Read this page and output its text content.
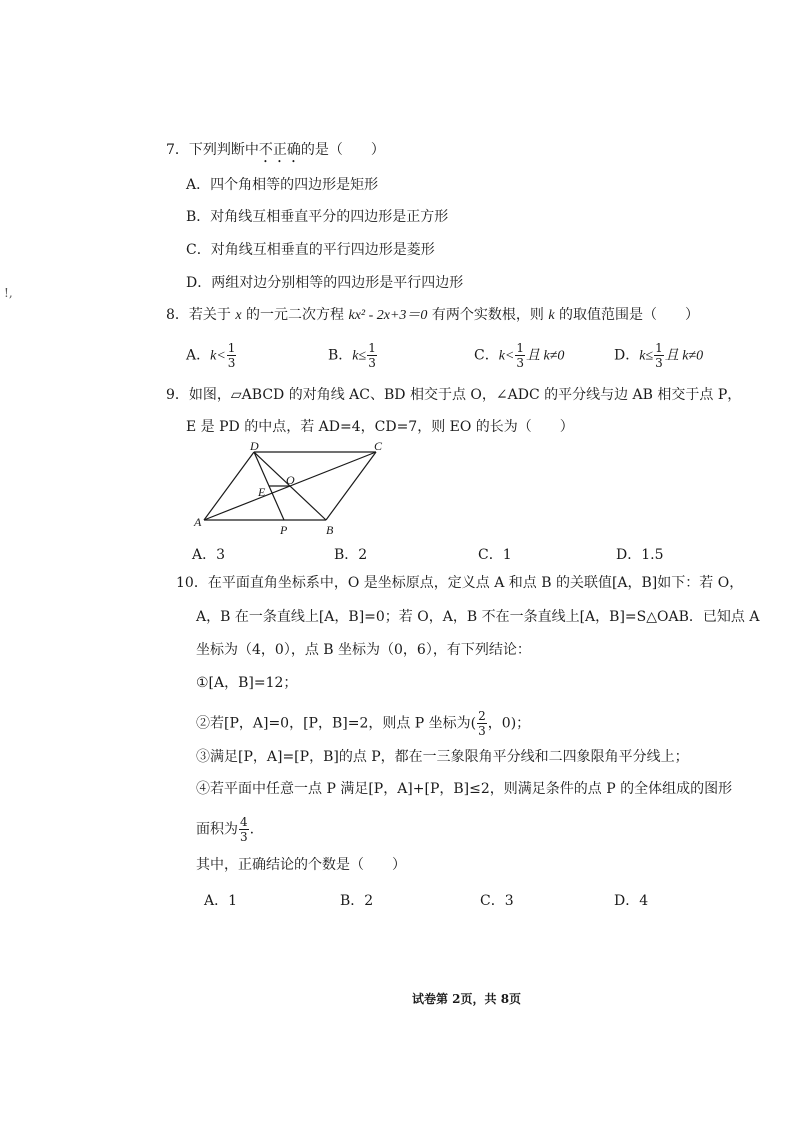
!,
7．下列判断中不正确的是（　　）
A．四个角相等的四边形是矩形
B．对角线互相垂直平分的四边形是正方形
C．对角线互相垂直的平行四边形是菱形
D．两组对边分别相等的四边形是平行四边形
8．若关于 x 的一元二次方程 kx² - 2x+3＝0 有两个实数根，则 k 的取值范围是（　　）
A．$k< \frac{1}{3}$	B．$k\le \frac{1}{3}$	C．$k< \frac{1}{3}$ 且 k≠0	D．$k\le \frac{1}{3}$ 且 k≠0
9．如图，▱ABCD 的对角线 AC、BD 相交于点 O，∠ADC 的平分线与边 AB 相交于点 P，
E 是 PD 的中点，若 AD=4，CD=7，则 EO 的长为（　　）
D	C
A
B
P
E
O
A．3	B．2	C．1	D．1.5
10．在平面直角坐标系中，O 是坐标原点，定义点 A 和点 B 的关联值[A，B]如下：若 O，
A，B 在一条直线上[A，B]=0；若 O，A，B 不在一条直线上[A，B]=S△OAB．已知点 A
坐标为（4，0），点 B 坐标为（0，6），有下列结论：
①[A，B]=12；
②若[P，A]=0，[P，B]=2，则点 P 坐标为( $\frac{2}{3}$ ，0)；
③满足[P，A]=[P，B]的点 P，都在一三象限角平分线和二四象限角平分线上；
④若平面中任意一点 P 满足[P，A]+[P，B]≤2，则满足条件的点 P 的全体组成的图形
面积为 $\frac{4}{3}$ .
其中，正确结论的个数是（　　）
A．1	B．2	C．3	D．4
试卷第 2页，共 8页
